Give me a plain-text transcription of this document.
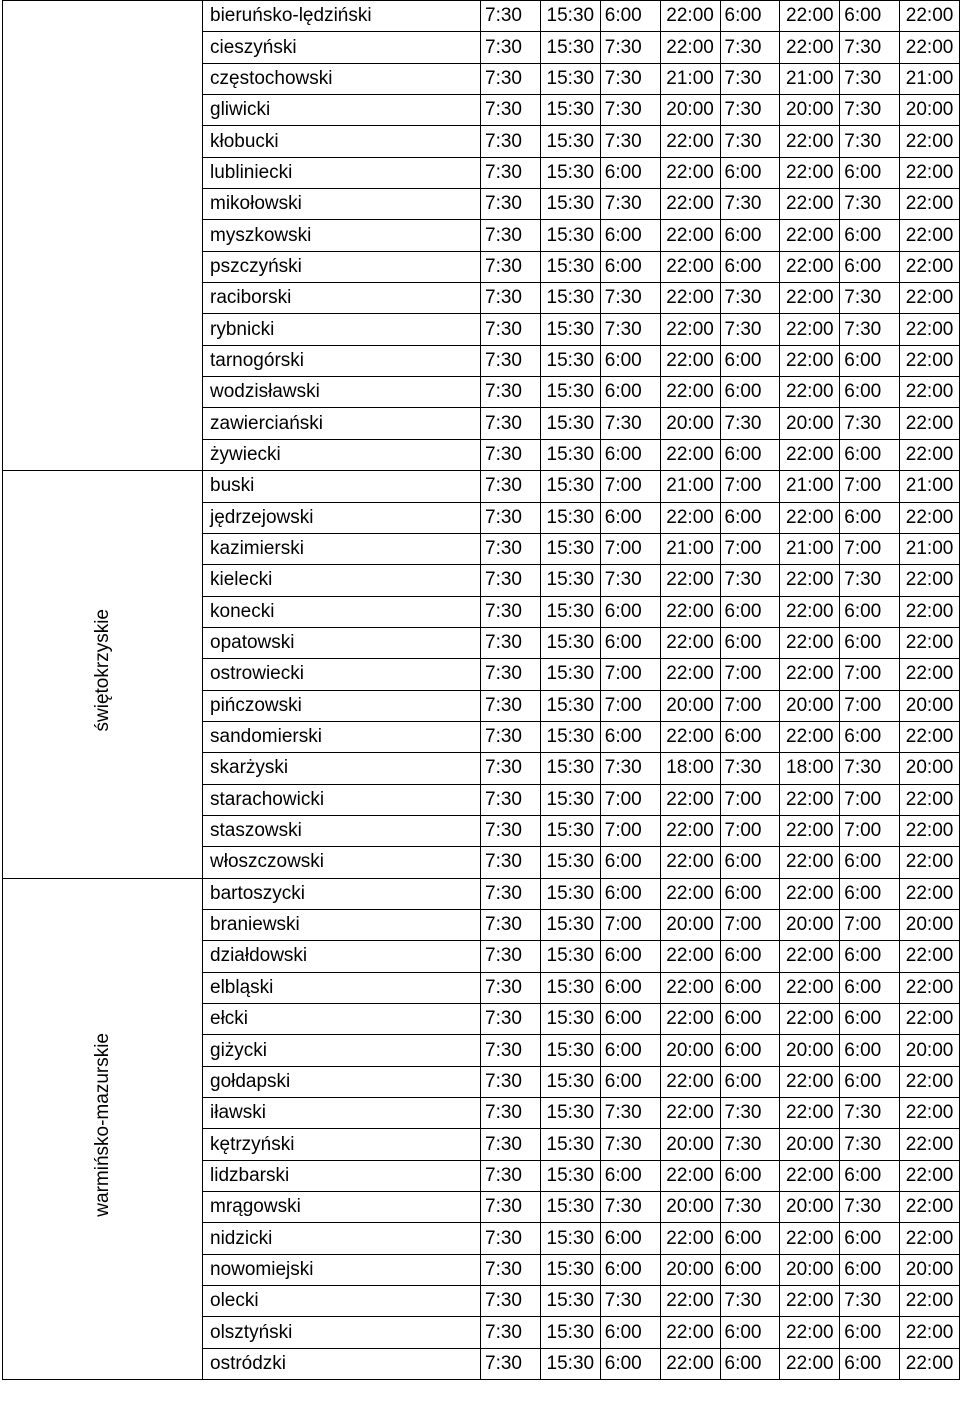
	bieruńsko-lędziński	7:30	15:30	6:00	22:00	6:00	22:00	6:00	22:00
	cieszyński	7:30	15:30	7:30	22:00	7:30	22:00	7:30	22:00
	częstochowski	7:30	15:30	7:30	21:00	7:30	21:00	7:30	21:00
	gliwicki	7:30	15:30	7:30	20:00	7:30	20:00	7:30	20:00
	kłobucki	7:30	15:30	7:30	22:00	7:30	22:00	7:30	22:00
	lubliniecki	7:30	15:30	6:00	22:00	6:00	22:00	6:00	22:00
	mikołowski	7:30	15:30	7:30	22:00	7:30	22:00	7:30	22:00
	myszkowski	7:30	15:30	6:00	22:00	6:00	22:00	6:00	22:00
	pszczyński	7:30	15:30	6:00	22:00	6:00	22:00	6:00	22:00
	raciborski	7:30	15:30	7:30	22:00	7:30	22:00	7:30	22:00
	rybnicki	7:30	15:30	7:30	22:00	7:30	22:00	7:30	22:00
	tarnogórski	7:30	15:30	6:00	22:00	6:00	22:00	6:00	22:00
	wodzisławski	7:30	15:30	6:00	22:00	6:00	22:00	6:00	22:00
	zawierciański	7:30	15:30	7:30	20:00	7:30	20:00	7:30	22:00
	żywiecki	7:30	15:30	6:00	22:00	6:00	22:00	6:00	22:00
świętokrzyskie	buski	7:30	15:30	7:00	21:00	7:00	21:00	7:00	21:00
	jędrzejowski	7:30	15:30	6:00	22:00	6:00	22:00	6:00	22:00
	kazimierski	7:30	15:30	7:00	21:00	7:00	21:00	7:00	21:00
	kielecki	7:30	15:30	7:30	22:00	7:30	22:00	7:30	22:00
	konecki	7:30	15:30	6:00	22:00	6:00	22:00	6:00	22:00
	opatowski	7:30	15:30	6:00	22:00	6:00	22:00	6:00	22:00
	ostrowiecki	7:30	15:30	7:00	22:00	7:00	22:00	7:00	22:00
	pińczowski	7:30	15:30	7:00	20:00	7:00	20:00	7:00	20:00
	sandomierski	7:30	15:30	6:00	22:00	6:00	22:00	6:00	22:00
	skarżyski	7:30	15:30	7:30	18:00	7:30	18:00	7:30	20:00
	starachowicki	7:30	15:30	7:00	22:00	7:00	22:00	7:00	22:00
	staszowski	7:30	15:30	7:00	22:00	7:00	22:00	7:00	22:00
	włoszczowski	7:30	15:30	6:00	22:00	6:00	22:00	6:00	22:00
warmińsko-mazurskie	bartoszycki	7:30	15:30	6:00	22:00	6:00	22:00	6:00	22:00
	braniewski	7:30	15:30	7:00	20:00	7:00	20:00	7:00	20:00
	działdowski	7:30	15:30	6:00	22:00	6:00	22:00	6:00	22:00
	elbląski	7:30	15:30	6:00	22:00	6:00	22:00	6:00	22:00
	ełcki	7:30	15:30	6:00	22:00	6:00	22:00	6:00	22:00
	giżycki	7:30	15:30	6:00	20:00	6:00	20:00	6:00	20:00
	gołdapski	7:30	15:30	6:00	22:00	6:00	22:00	6:00	22:00
	iławski	7:30	15:30	7:30	22:00	7:30	22:00	7:30	22:00
	kętrzyński	7:30	15:30	7:30	20:00	7:30	20:00	7:30	22:00
	lidzbarski	7:30	15:30	6:00	22:00	6:00	22:00	6:00	22:00
	mrągowski	7:30	15:30	7:30	20:00	7:30	20:00	7:30	22:00
	nidzicki	7:30	15:30	6:00	22:00	6:00	22:00	6:00	22:00
	nowomiejski	7:30	15:30	6:00	20:00	6:00	20:00	6:00	20:00
	olecki	7:30	15:30	7:30	22:00	7:30	22:00	7:30	22:00
	olsztyński	7:30	15:30	6:00	22:00	6:00	22:00	6:00	22:00
	ostródzki	7:30	15:30	6:00	22:00	6:00	22:00	6:00	22:00
